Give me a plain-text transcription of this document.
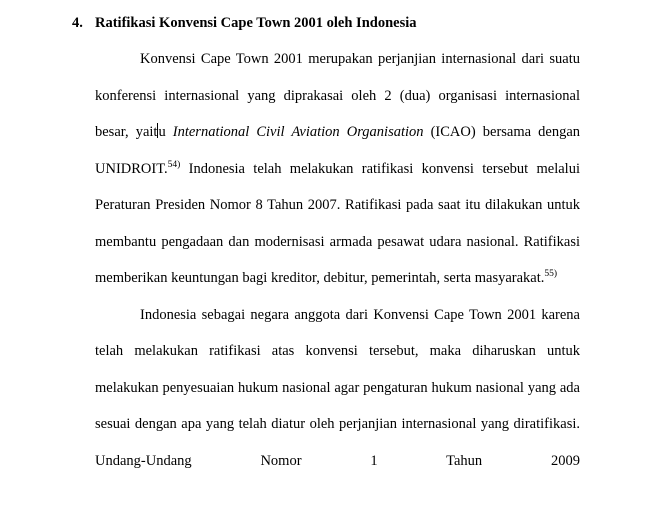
4. Ratifikasi Konvensi Cape Town 2001 oleh Indonesia

Konvensi Cape Town 2001 merupakan perjanjian internasional dari suatu konferensi internasional yang diprakasai oleh 2 (dua) organisasi internasional besar, yaitu International Civil Aviation Organisation (ICAO) bersama dengan UNIDROIT.$^{54)}$ Indonesia telah melakukan ratifikasi konvensi tersebut melalui Peraturan Presiden Nomor 8 Tahun 2007. Ratifikasi pada saat itu dilakukan untuk membantu pengadaan dan modernisasi armada pesawat udara nasional. Ratifikasi memberikan keuntungan bagi kreditor, debitur, pemerintah, serta masyarakat.$^{55)}$

Indonesia sebagai negara anggota dari Konvensi Cape Town 2001 karena telah melakukan ratifikasi atas konvensi tersebut, maka diharuskan untuk melakukan penyesuaian hukum nasional agar pengaturan hukum nasional yang ada sesuai dengan apa yang telah diatur oleh perjanjian internasional yang diratifikasi. Undang-Undang Nomor 1 Tahun 2009
